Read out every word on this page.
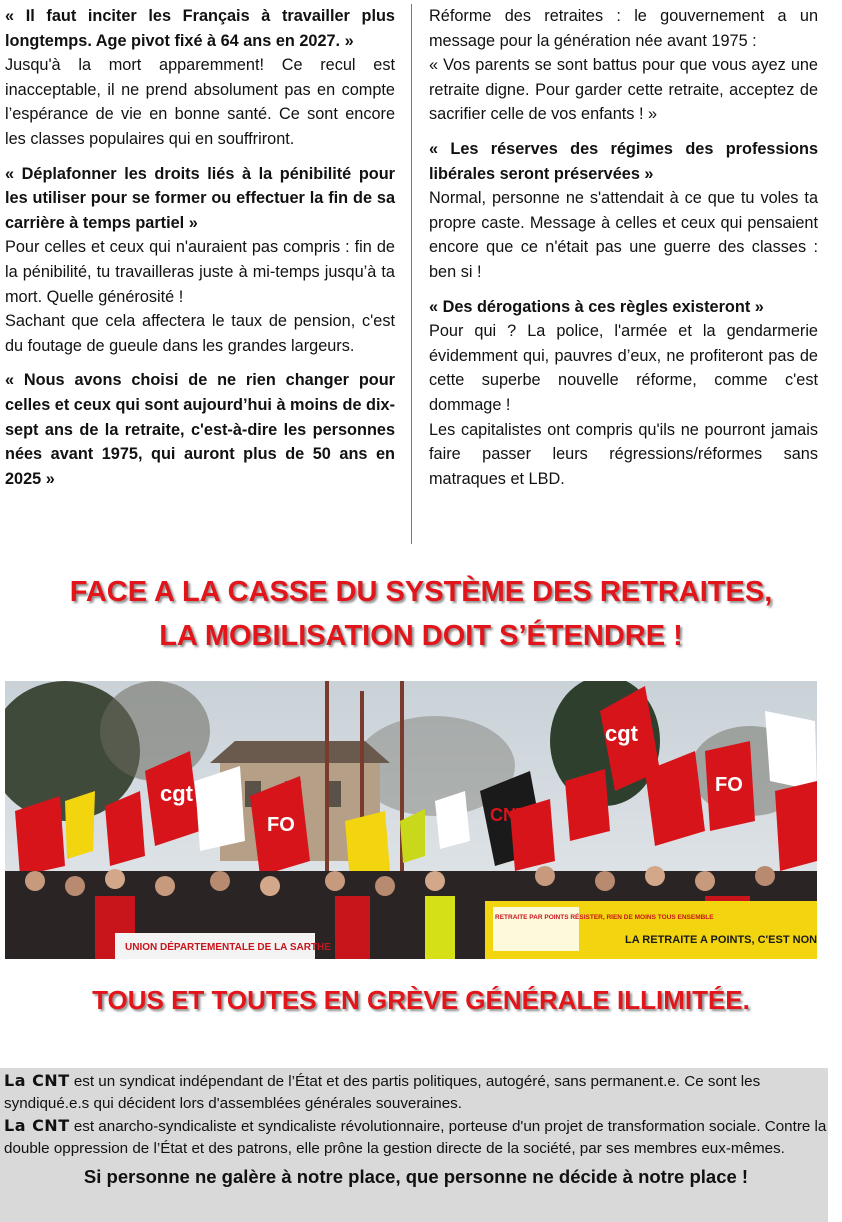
« Il faut inciter les Français à travailler plus longtemps. Age pivot fixé à 64 ans en 2027. »
Jusqu'à la mort apparemment! Ce recul est inacceptable, il ne prend absolument pas en compte l’espérance de vie en bonne santé. Ce sont encore les classes populaires qui en souffriront.
« Déplafonner les droits liés à la pénibilité pour les utiliser pour se former ou effectuer la fin de sa carrière à temps partiel »
Pour celles et ceux qui n'auraient pas compris : fin de la pénibilité, tu travailleras juste à mi-temps jusqu’à ta mort. Quelle générosité !
Sachant que cela affectera le taux de pension, c'est du foutage de gueule dans les grandes largeurs.
« Nous avons choisi de ne rien changer pour celles et ceux qui sont aujourd’hui à moins de dix-sept ans de la retraite, c'est-à-dire les personnes nées avant 1975, qui auront plus de 50 ans en 2025 »
Réforme des retraites : le gouvernement a un message pour la génération née avant 1975 :
« Vos parents se sont battus pour que vous ayez une retraite digne. Pour garder cette retraite, acceptez de sacrifier celle de vos enfants ! »
« Les réserves des régimes des professions libérales seront préservées »
Normal, personne ne s'attendait à ce que tu voles ta propre caste. Message à celles et ceux qui pensaient encore que ce n'était pas une guerre des classes : ben si !
« Des dérogations à ces règles existeront »
Pour qui ? La police, l'armée et la gendarmerie évidemment qui, pauvres d’eux, ne profiteront pas de cette superbe nouvelle réforme, comme c'est dommage !
Les capitalistes ont compris qu'ils ne pourront jamais faire passer leurs régressions/réformes sans matraques et LBD.
FACE A LA CASSE DU SYSTÈME DES RETRAITES,
LA MOBILISATION DOIT S’ÉTENDRE !
cgt
cgt
FO
FO
CNT
UNION DÉPARTEMENTALE DE LA SARTHE
RETRAITE PAR POINTS RÉSISTER, RIEN DE MOINS TOUS ENSEMBLE
LA RETRAITE A POINTS, C'EST NON
TOUS ET TOUTES EN GRÈVE GÉNÉRALE ILLIMITÉE.
La CNT est un syndicat indépendant de l’État et des partis politiques, autogéré, sans permanent.e. Ce sont les syndiqué.e.s qui décident lors d'assemblées générales souveraines.
La CNT est anarcho-syndicaliste et syndicaliste révolutionnaire, porteuse d'un projet de transformation sociale. Contre la double oppression de l’État et des patrons, elle prône la gestion directe de la société, par ses membres eux-mêmes.
Si personne ne galère à notre place, que personne ne décide à notre place !
